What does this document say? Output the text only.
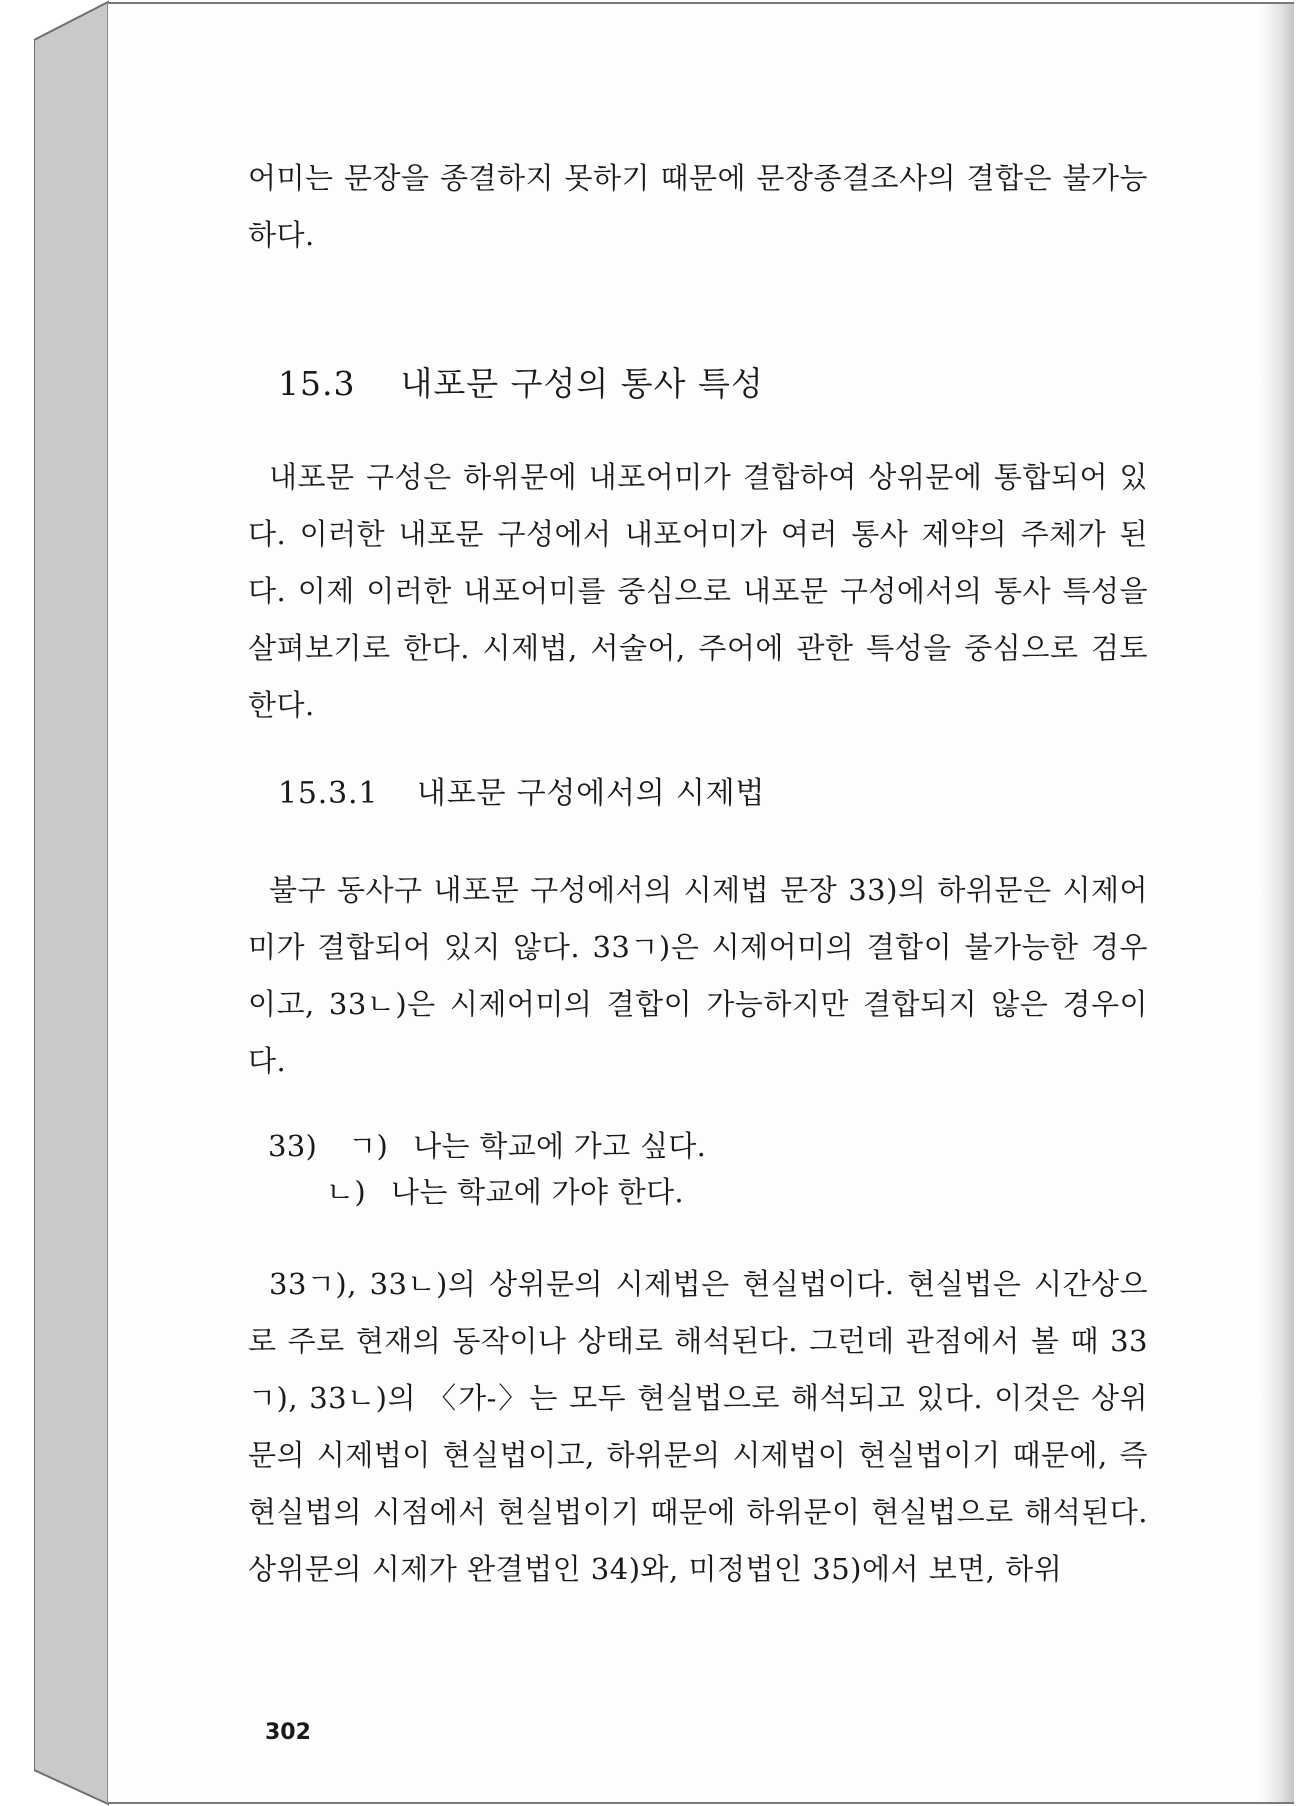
어미는 문장을 종결하지 못하기 때문에 문장종결조사의 결합은 불가능하다.

15.3 내포문 구성의 통사 특성

내포문 구성은 하위문에 내포어미가 결합하여 상위문에 통합되어 있다. 이러한 내포문 구성에서 내포어미가 여러 통사 제약의 주체가 된다. 이제 이러한 내포어미를 중심으로 내포문 구성에서의 통사 특성을 살펴보기로 한다. 시제법, 서술어, 주어에 관한 특성을 중심으로 검토한다.

15.3.1 내포문 구성에서의 시제법

불구 동사구 내포문 구성에서의 시제법 문장 33)의 하위문은 시제어미가 결합되어 있지 않다. 33ㄱ)은 시제어미의 결합이 불가능한 경우이고, 33ㄴ)은 시제어미의 결합이 가능하지만 결합되지 않은 경우이다.

33) ㄱ) 나는 학교에 가고 싶다.
ㄴ) 나는 학교에 가야 한다.

33ㄱ), 33ㄴ)의 상위문의 시제법은 현실법이다. 현실법은 시간상으로 주로 현재의 동작이나 상태로 해석된다. 그런데 관점에서 볼 때 33ㄱ), 33ㄴ)의 〈가-〉는 모두 현실법으로 해석되고 있다. 이것은 상위문의 시제법이 현실법이고, 하위문의 시제법이 현실법이기 때문에, 즉 현실법의 시점에서 현실법이기 때문에 하위문이 현실법으로 해석된다. 상위문의 시제가 완결법인 34)와, 미정법인 35)에서 보면, 하위

302
